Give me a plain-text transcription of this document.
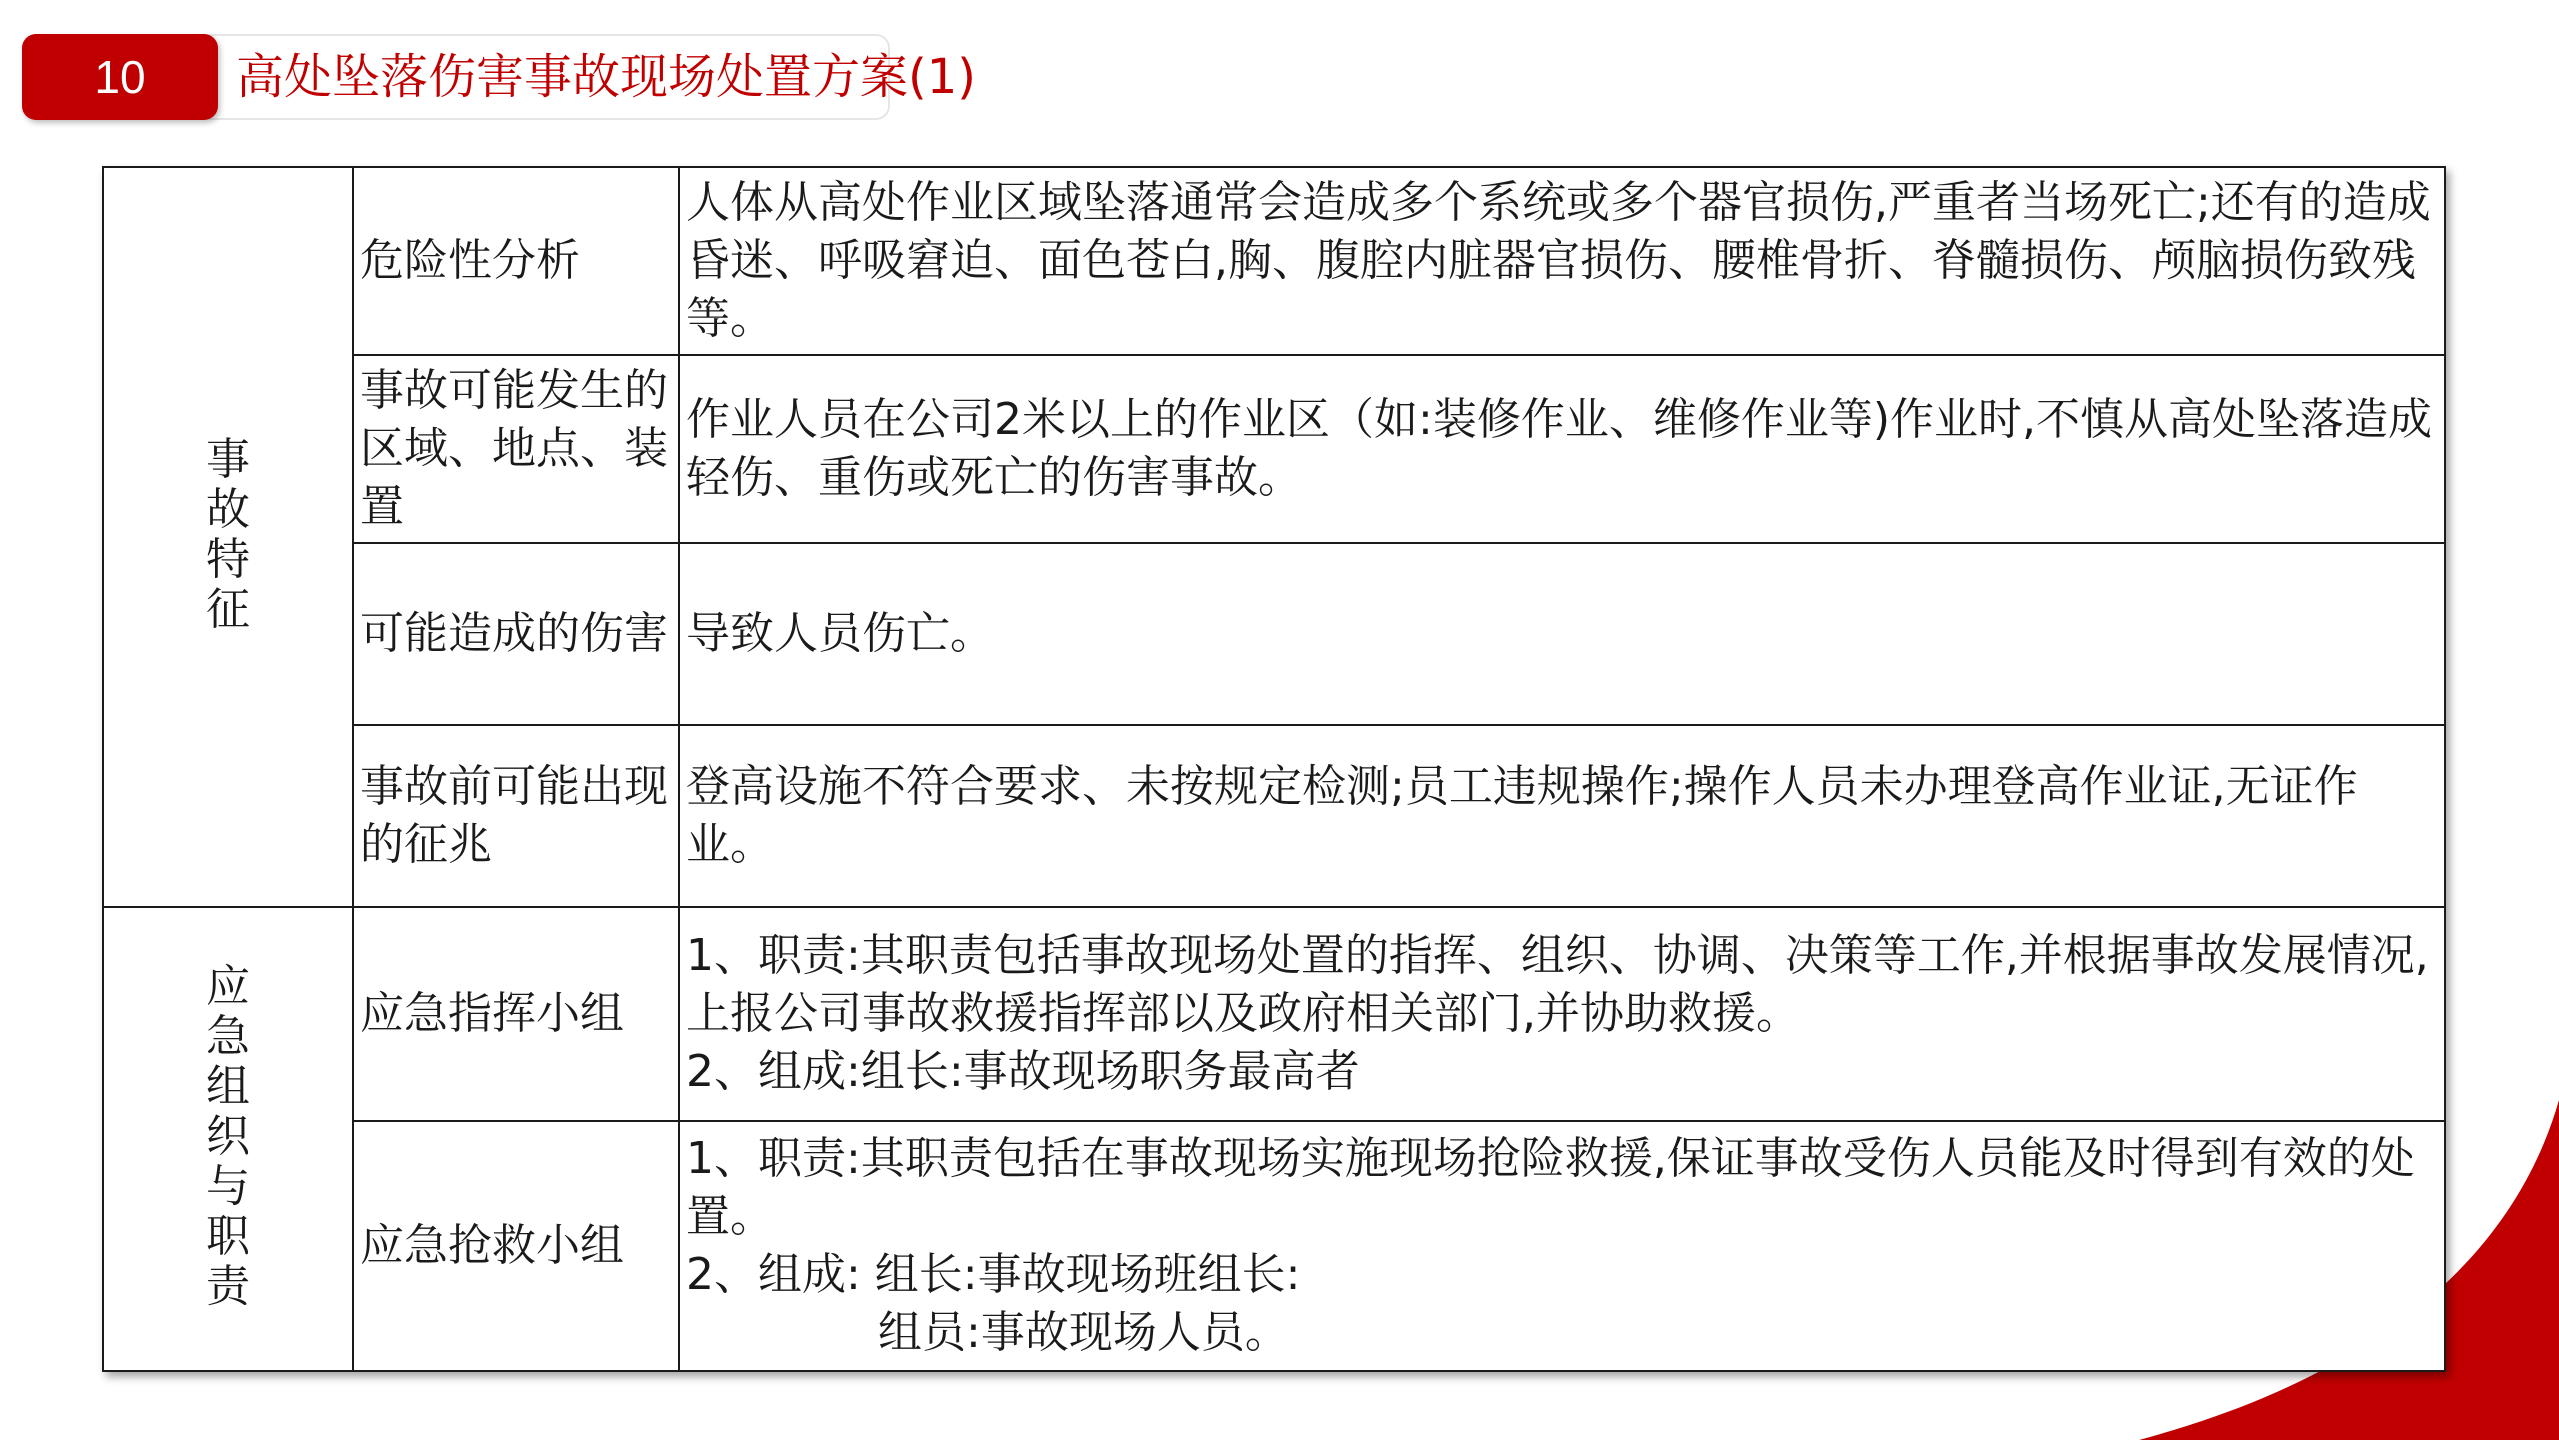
10	高处坠落伤害事故现场处置方案(1)
事故特征	危险性分析	人体从高处作业区域坠落通常会造成多个系统或多个器官损伤,严重者当场死亡;还有的造成昏迷、呼吸窘迫、面色苍白,胸、腹腔内脏器官损伤、腰椎骨折、脊髓损伤、颅脑损伤致残等。

	事故可能发生的区域、地点、装置	作业人员在公司2米以上的作业区（如:装修作业、维修作业等)作业时,不慎从高处坠落造成轻伤、重伤或死亡的伤害事故。

	可能造成的伤害	导致人员伤亡。

	事故前可能出现的征兆	登高设施不符合要求、未按规定检测;员工违规操作;操作人员未办理登高作业证,无证作业。

应急组织与职责	应急指挥小组	1、职责:其职责包括事故现场处置的指挥、组织、协调、决策等工作,并根据事故发展情况,上报公司事故救援指挥部以及政府相关部门,并协助救援。

2、组成:组长:事故现场职务最高者

	应急抢救小组	1、职责:其职责包括在事故现场实施现场抢险救援,保证事故受伤人员能及时得到有效的处置。

2、组成: 组长:事故现场班组长:

组员:事故现场人员。
